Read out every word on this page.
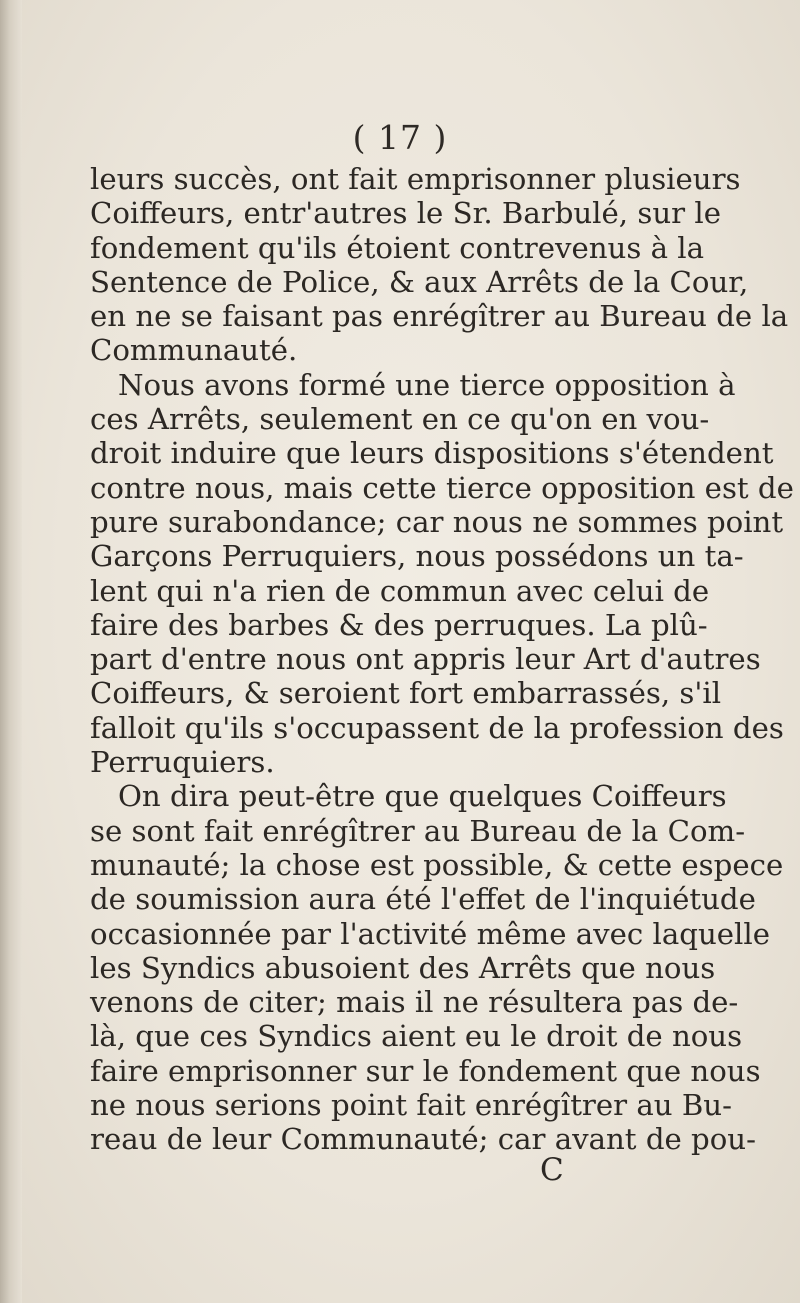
( 17 )
leurs succès, ont fait emprisonner plusieurs
Coiffeurs, entr'autres le Sr. Barbulé, sur le
fondement qu'ils étoient contrevenus à la
Sentence de Police, & aux Arrêts de la Cour,
en ne se faisant pas enrégîtrer au Bureau de la
Communauté.
Nous avons formé une tierce opposition à
ces Arrêts, seulement en ce qu'on en vou-
droit induire que leurs dispositions s'étendent
contre nous, mais cette tierce opposition est de
pure surabondance; car nous ne sommes point
Garçons Perruquiers, nous possédons un ta-
lent qui n'a rien de commun avec celui de
faire des barbes & des perruques. La plû-
part d'entre nous ont appris leur Art d'autres
Coiffeurs, & seroient fort embarrassés, s'il
falloit qu'ils s'occupassent de la profession des
Perruquiers.
On dira peut-être que quelques Coiffeurs
se sont fait enrégîtrer au Bureau de la Com-
munauté; la chose est possible, & cette espece
de soumission aura été l'effet de l'inquiétude
occasionnée par l'activité même avec laquelle
les Syndics abusoient des Arrêts que nous
venons de citer; mais il ne résultera pas de-
là, que ces Syndics aient eu le droit de nous
faire emprisonner sur le fondement que nous
ne nous serions point fait enrégîtrer au Bu-
reau de leur Communauté; car avant de pou-
C
